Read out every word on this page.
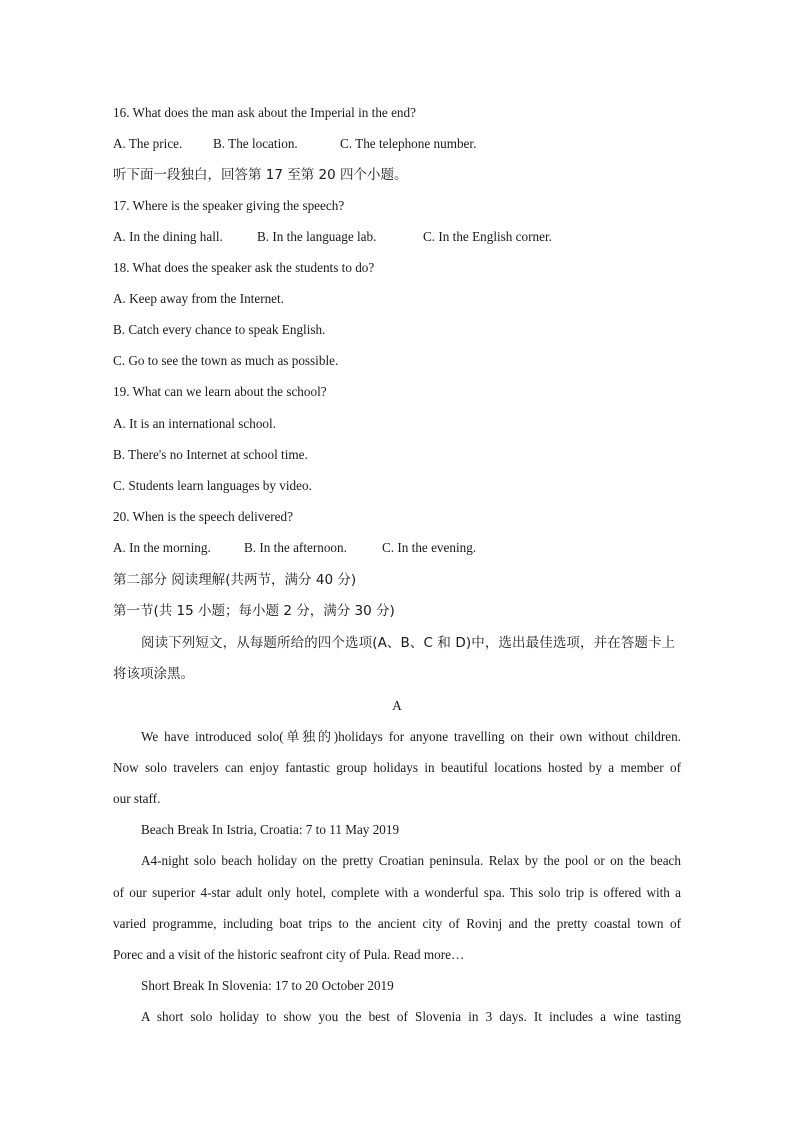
16. What does the man ask about the Imperial in the end?
A. The price. B. The location.	C. The telephone number.
听下面一段独白，回答第 17 至第 20 四个小题。
17. Where is the speaker giving the speech?
A. In the dining hall.	B. In the language lab.	C. In the English corner.
18. What does the speaker ask the students to do?
A. Keep away from the Internet.
B. Catch every chance to speak English.
C. Go to see the town as much as possible.
19. What can we learn about the school?
A. It is an international school.
B. There's no Internet at school time.
C. Students learn languages by video.
20. When is the speech delivered?
A. In the morning.	B. In the afternoon.	C. In the evening.
第二部分 阅读理解(共两节，满分 40 分)
第一节(共 15 小题；每小题 2 分，满分 30 分)
阅读下列短文，从每题所给的四个选项(A、B、C 和 D)中，选出最佳选项，并在答题卡上
将该项涂黑。
A
We have introduced solo(单独的)holidays for anyone travelling on their own without children.
Now solo travelers can enjoy fantastic group holidays in beautiful locations hosted by a member of
our staff.
Beach Break In Istria, Croatia: 7 to 11 May 2019
A4-night solo beach holiday on the pretty Croatian peninsula. Relax by the pool or on the beach
of our superior 4-star adult only hotel, complete with a wonderful spa. This solo trip is offered with a
varied programme, including boat trips to the ancient city of Rovinj and the pretty coastal town of
Porec and a visit of the historic seafront city of Pula. Read more…
Short Break In Slovenia: 17 to 20 October 2019
A short solo holiday to show you the best of Slovenia in 3 days. It includes a wine tasting
